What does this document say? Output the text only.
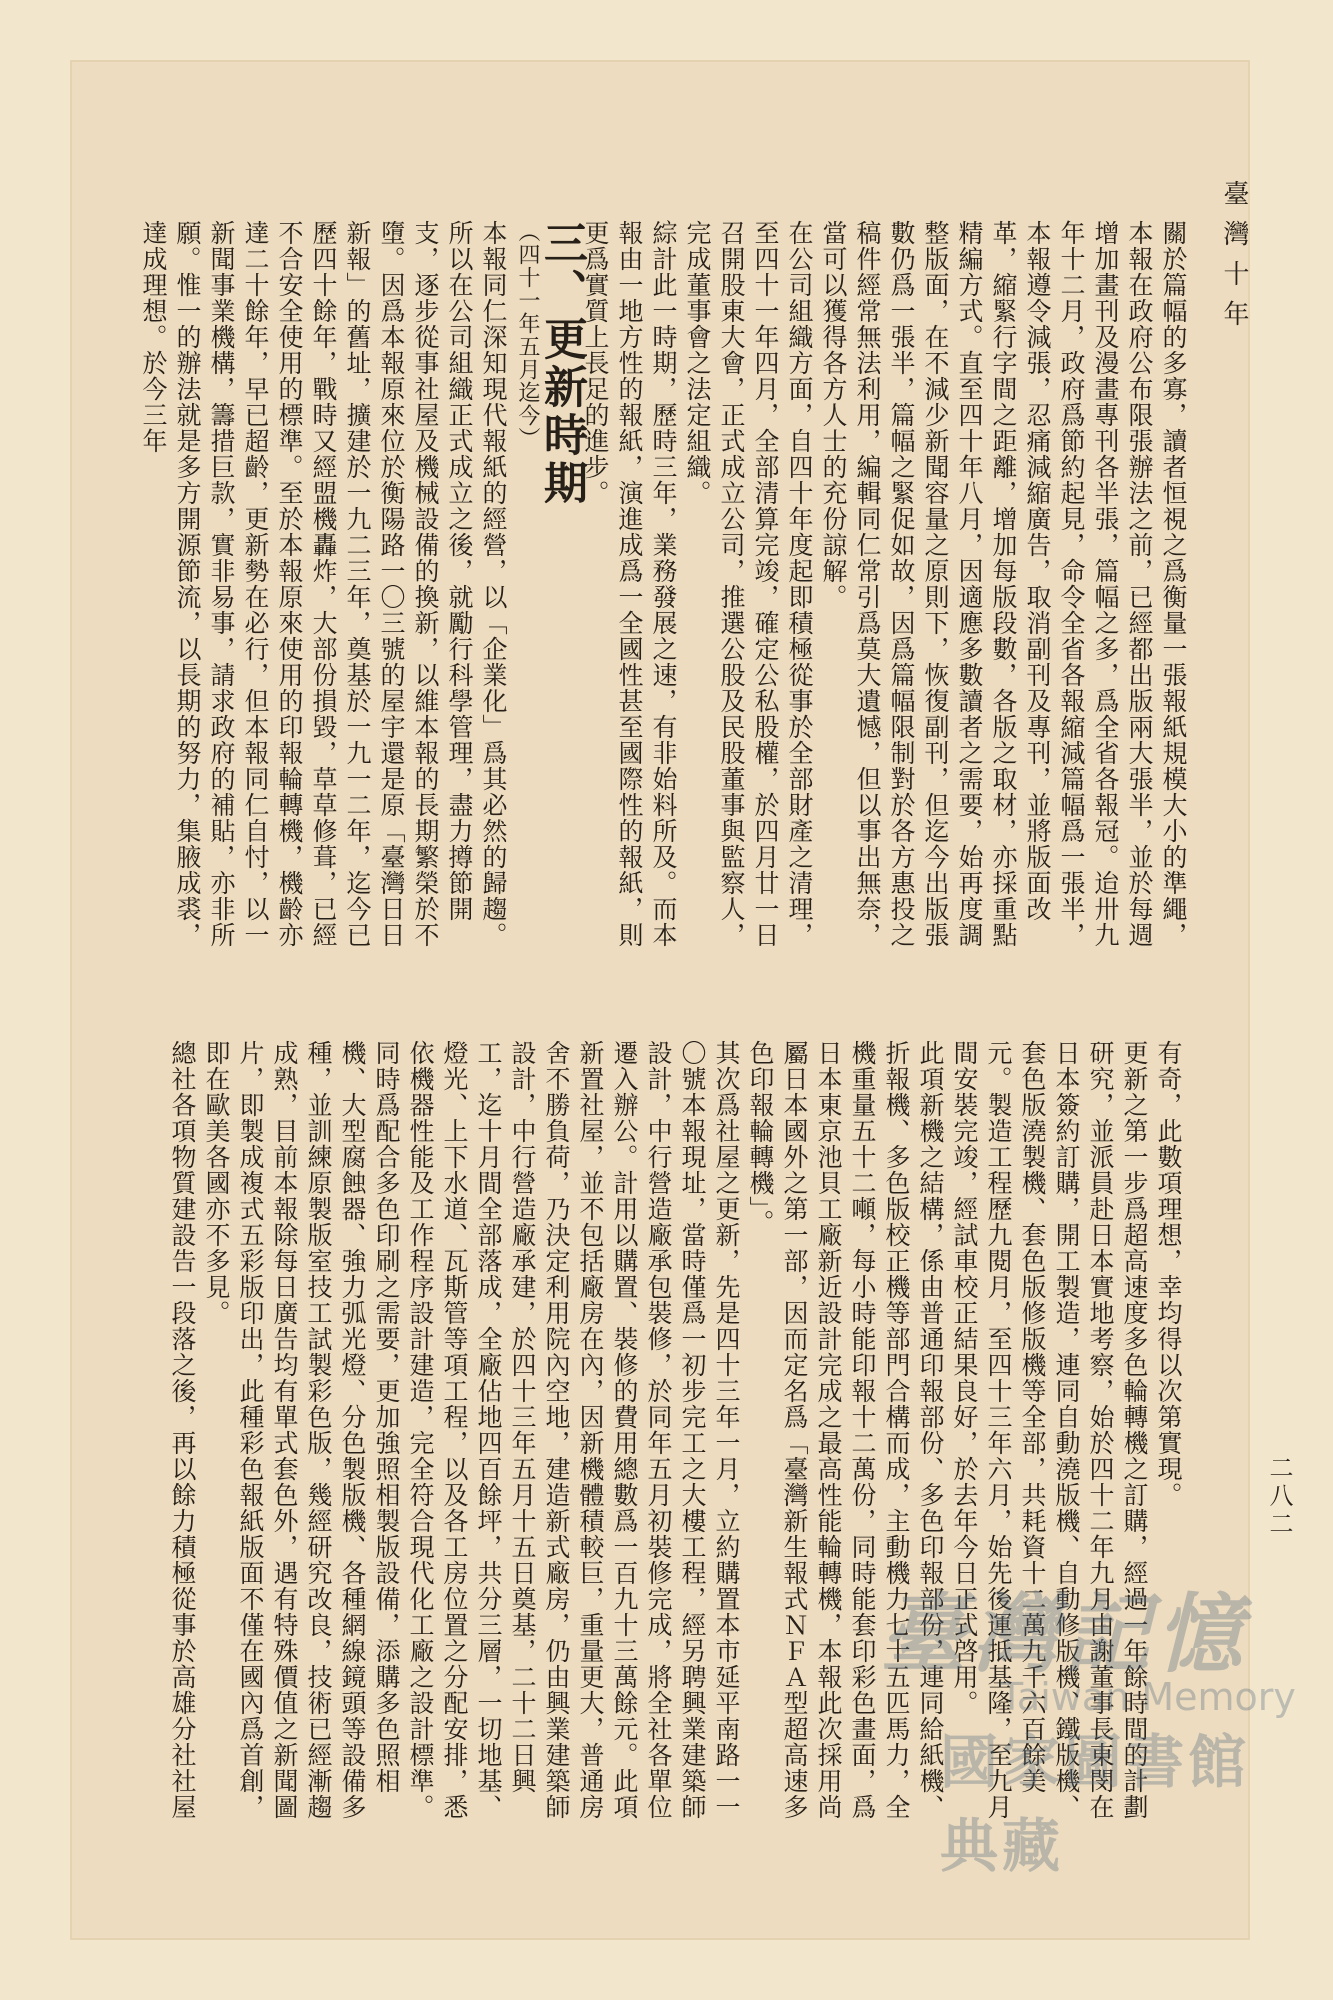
臺灣十年
二八二

關於篇幅的多寡，讀者恒視之爲衡量一張報紙規模大小的準繩，本報在政府公布限張辦法之前，已經都出版兩大張半，並於每週增加畫刊及漫畫專刊各半張，篇幅之多，爲全省各報冠。迨卅九年十二月，政府爲節約起見，命令全省各報縮減篇幅爲一張半，本報遵令減張，忍痛減縮廣告，取消副刊及專刊，並將版面改革，縮緊行字間之距離，增加每版段數，各版之取材，亦採重點精編方式。直至四十年八月，因適應多數讀者之需要，始再度調整版面，在不減少新聞容量之原則下，恢復副刊，但迄今出版張數仍爲一張半，篇幅之緊促如故，因爲篇幅限制對於各方惠投之稿件經常無法利用，編輯同仁常引爲莫大遺憾，但以事出無奈，當可以獲得各方人士的充份諒解。

在公司組織方面，自四十年度起即積極從事於全部財產之清理，至四十一年四月，全部清算完竣，確定公私股權，於四月廿一日召開股東大會，正式成立公司，推選公股及民股董事與監察人，完成董事會之法定組織。

綜計此一時期，歷時三年，業務發展之速，有非始料所及。而本報由一地方性的報紙，演進成爲一全國性甚至國際性的報紙，則更爲實質上長足的進步。

三、更新時期

（四十一年五月迄今）

本報同仁深知現代報紙的經營，以「企業化」爲其必然的歸趨。所以在公司組織正式成立之後，就勵行科學管理，盡力撙節開支，逐步從事社屋及機械設備的換新，以維本報的長期繁榮於不墮。因爲本報原來位於衡陽路一〇三號的屋宇還是原「臺灣日日新報」的舊址，擴建於一九二三年，奠基於一九一二年，迄今已歷四十餘年，戰時又經盟機轟炸，大部份損毀，草草修葺，已經不合安全使用的標準。至於本報原來使用的印報輪轉機，機齡亦達二十餘年，早已超齡，更新勢在必行，但本報同仁自忖，以一新聞事業機構，籌措巨款，實非易事，請求政府的補貼，亦非所願。惟一的辦法就是多方開源節流，以長期的努力，集腋成裘，達成理想。於今三年

有奇，此數項理想，幸均得以次第實現。

更新之第一步爲超高速度多色輪轉機之訂購，經過一年餘時間的計劃研究，並派員赴日本實地考察，始於四十二年九月由謝董事長東閔在日本簽約訂購，開工製造，連同自動澆版機、自動修版機、鐵版機、套色版澆製機、套色版修版機等全部，共耗資十二萬九千六百餘美元。製造工程歷九閱月，至四十三年六月，始先後運抵基隆，至九月間安裝完竣，經試車校正結果良好，於去年今日正式啓用。

此項新機之結構，係由普通印報部份、多色印報部份，連同給紙機、折報機、多色版校正機等部門合構而成，主動機力七十五匹馬力，全機重量五十二噸，每小時能印報十二萬份，同時能套印彩色畫面，爲日本東京池貝工廠新近設計完成之最高性能輪轉機，本報此次採用尚屬日本國外之第一部，因而定名爲「臺灣新生報式ＮＦＡ型超高速多色印報輪轉機」。

其次爲社屋之更新，先是四十三年一月，立約購置本市延平南路一一〇號本報現址，當時僅爲一初步完工之大樓工程，經另聘興業建築師設計，中行營造廠承包裝修，於同年五月初裝修完成，將全社各單位遷入辦公。計用以購置、裝修的費用總數爲一百九十三萬餘元。此項新置社屋，並不包括廠房在內，因新機體積較巨，重量更大，普通房舍不勝負荷，乃決定利用院內空地，建造新式廠房，仍由興業建築師設計，中行營造廠承建，於四十三年五月十五日奠基，二十二日興工，迄十月間全部落成，全廠佔地四百餘坪，共分三層，一切地基、燈光、上下水道、瓦斯管等項工程，以及各工房位置之分配安排，悉依機器性能及工作程序設計建造，完全符合現代化工廠之設計標準。同時爲配合多色印刷之需要，更加強照相製版設備，添購多色照相機、大型腐蝕器、強力弧光燈、分色製版機、各種網線鏡頭等設備多種，並訓練原製版室技工試製彩色版，幾經研究改良，技術已經漸趨成熟，目前本報除每日廣告均有單式套色外，遇有特殊價值之新聞圖片，即製成複式五彩版印出，此種彩色報紙版面不僅在國內爲首創，即在歐美各國亦不多見。

總社各項物質建設告一段落之後，再以餘力積極從事於高雄分社社屋	臺灣記憶
Taiwan Memory
國家圖書館典藏
